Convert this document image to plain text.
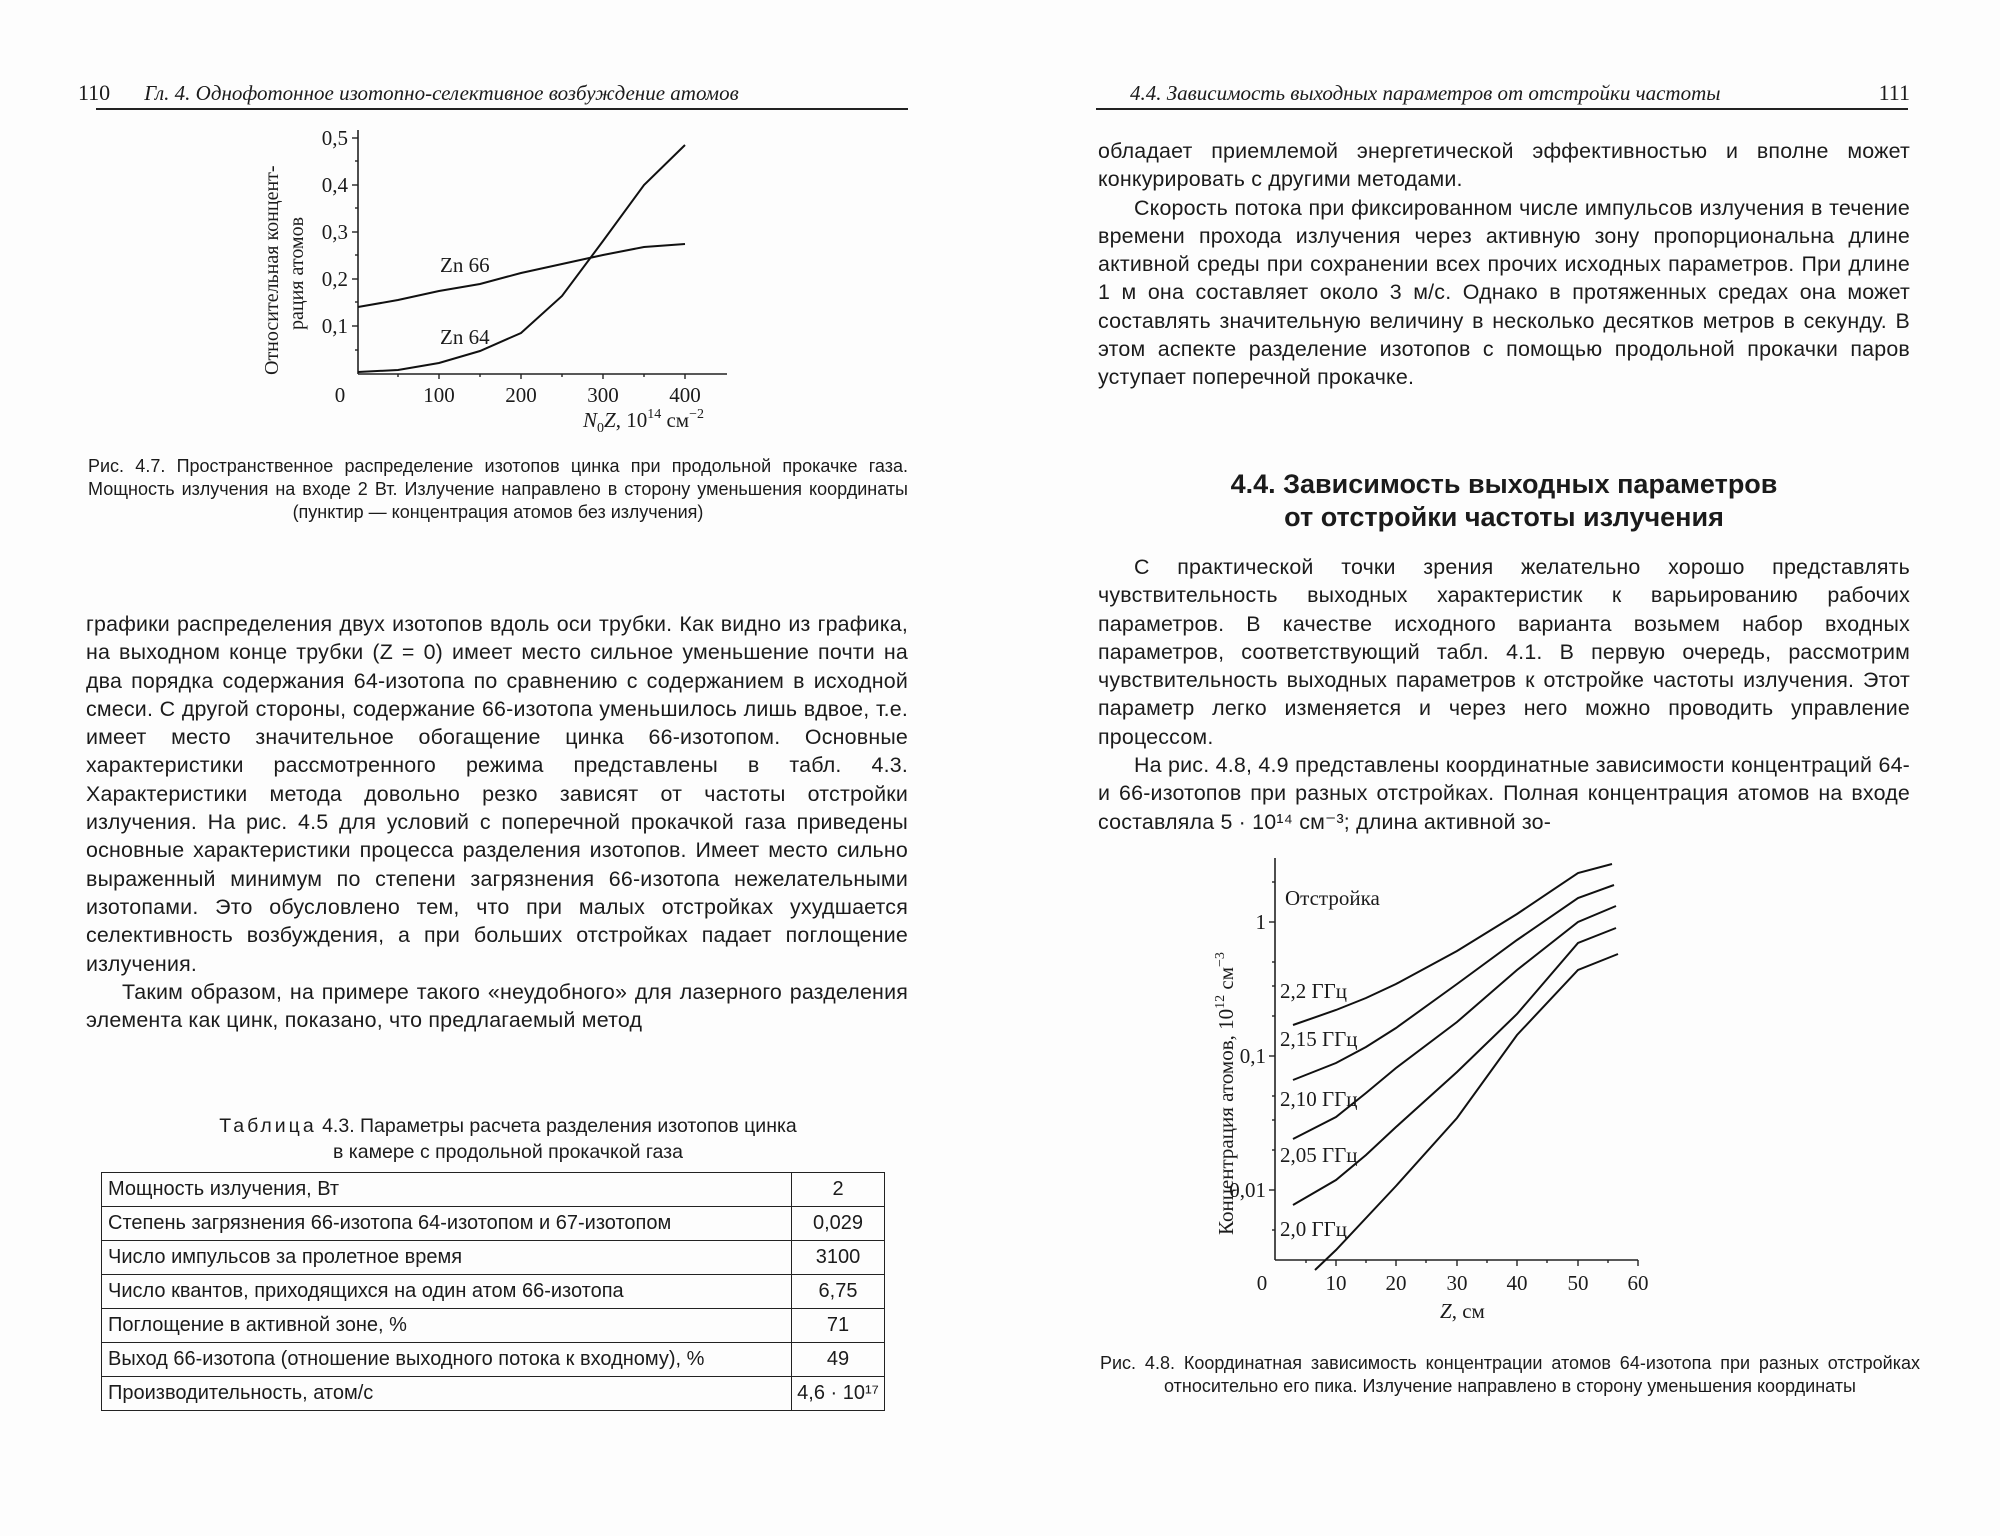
110 Гл. 4. Однофотонное изотопно-селективное возбуждение атомов
Относительная концент- рация атомов
0,5
0,4
0,3
0,2
0,1
0	100 200 300 400
$N_0Z$, $10^{14}$ $см^{-2}$
Zn 66
Zn 64
Рис. 4.7. Пространственное распределение изотопов цинка при продольной прокачке газа. Мощность излучения на входе 2 Вт. Излучение направлено в сторону уменьшения координаты (пунктир — концентрация атомов без излучения)

графики распределения двух изотопов вдоль оси трубки. Как видно из графика, на выходном конце трубки (Z = 0) имеет место сильное уменьшение почти на два порядка содержания 64-изотопа по сравнению с содержанием в исходной смеси. С другой стороны, содержание 66-изотопа уменьшилось лишь вдвое, т.е. имеет место значительное обогащение цинка 66-изотопом. Основные характеристики рассмотренного режима представлены в табл. 4.3. Характеристики метода довольно резко зависят от частоты отстройки излучения. На рис. 4.5 для условий с поперечной прокачкой газа приведены основные характеристики процесса разделения изотопов. Имеет место сильно выраженный минимум по степени загрязнения 66-изотопа нежелательными изотопами. Это обусловлено тем, что при малых отстройках ухудшается селективность возбуждения, а при больших отстройках падает поглощение излучения.

Таким образом, на примере такого «неудобного» для лазерного разделения элемента как цинк, показано, что предлагаемый метод

Таблица 4.3. Параметры расчета разделения изотопов цинка
в камере с продольной прокачкой газа
Мощность излучения, Вт	2
Степень загрязнения 66-изотопа 64-изотопом и 67-изотопом	0,029
Число импульсов за пролетное время	3100
Число квантов, приходящихся на один атом 66-изотопа	6,75
Поглощение в активной зоне, %	71
Выход 66-изотопа (отношение выходного потока к входному), %	49
Производительность, атом/с	4,6 · 10¹⁷
4.4. Зависимость выходных параметров от отстройки частоты	111

обладает приемлемой энергетической эффективностью и вполне может конкурировать с другими методами.

Скорость потока при фиксированном числе импульсов излучения в течение времени прохода излучения через активную зону пропорциональна длине активной среды при сохранении всех прочих исходных параметров. При длине 1 м она составляет около 3 м/с. Однако в протяженных средах она может составлять значительную величину в несколько десятков метров в секунду. В этом аспекте разделение изотопов с помощью продольной прокачки паров уступает поперечной прокачке.

4.4. Зависимость выходных параметров
от отстройки частоты излучения

С практической точки зрения желательно хорошо представлять чувствительность выходных характеристик к варьированию рабочих параметров. В качестве исходного варианта возьмем набор входных параметров, соответствующий табл. 4.1. В первую очередь, рассмотрим чувствительность выходных параметров к отстройке частоты излучения. Этот параметр легко изменяется и через него можно проводить управление процессом.

На рис. 4.8, 4.9 представлены координатные зависимости концентраций 64- и 66-изотопов при разных отстройках. Полная концентрация атомов на входе составляла 5 · 10¹⁴ см⁻³; длина активной зо-

Концентрация атомов, $10^{12}$ $см^{-3}$
1
0,1
0,01
0	10 20 30 40 50 60
Z, см
Отстройка
2,2 ГГц
2,15 ГГц
2,10 ГГц
2,05 ГГц
2,0 ГГц
Рис. 4.8. Координатная зависимость концентрации атомов 64-изотопа при разных отстройках относительно его пика. Излучение направлено в сторону уменьшения координаты
